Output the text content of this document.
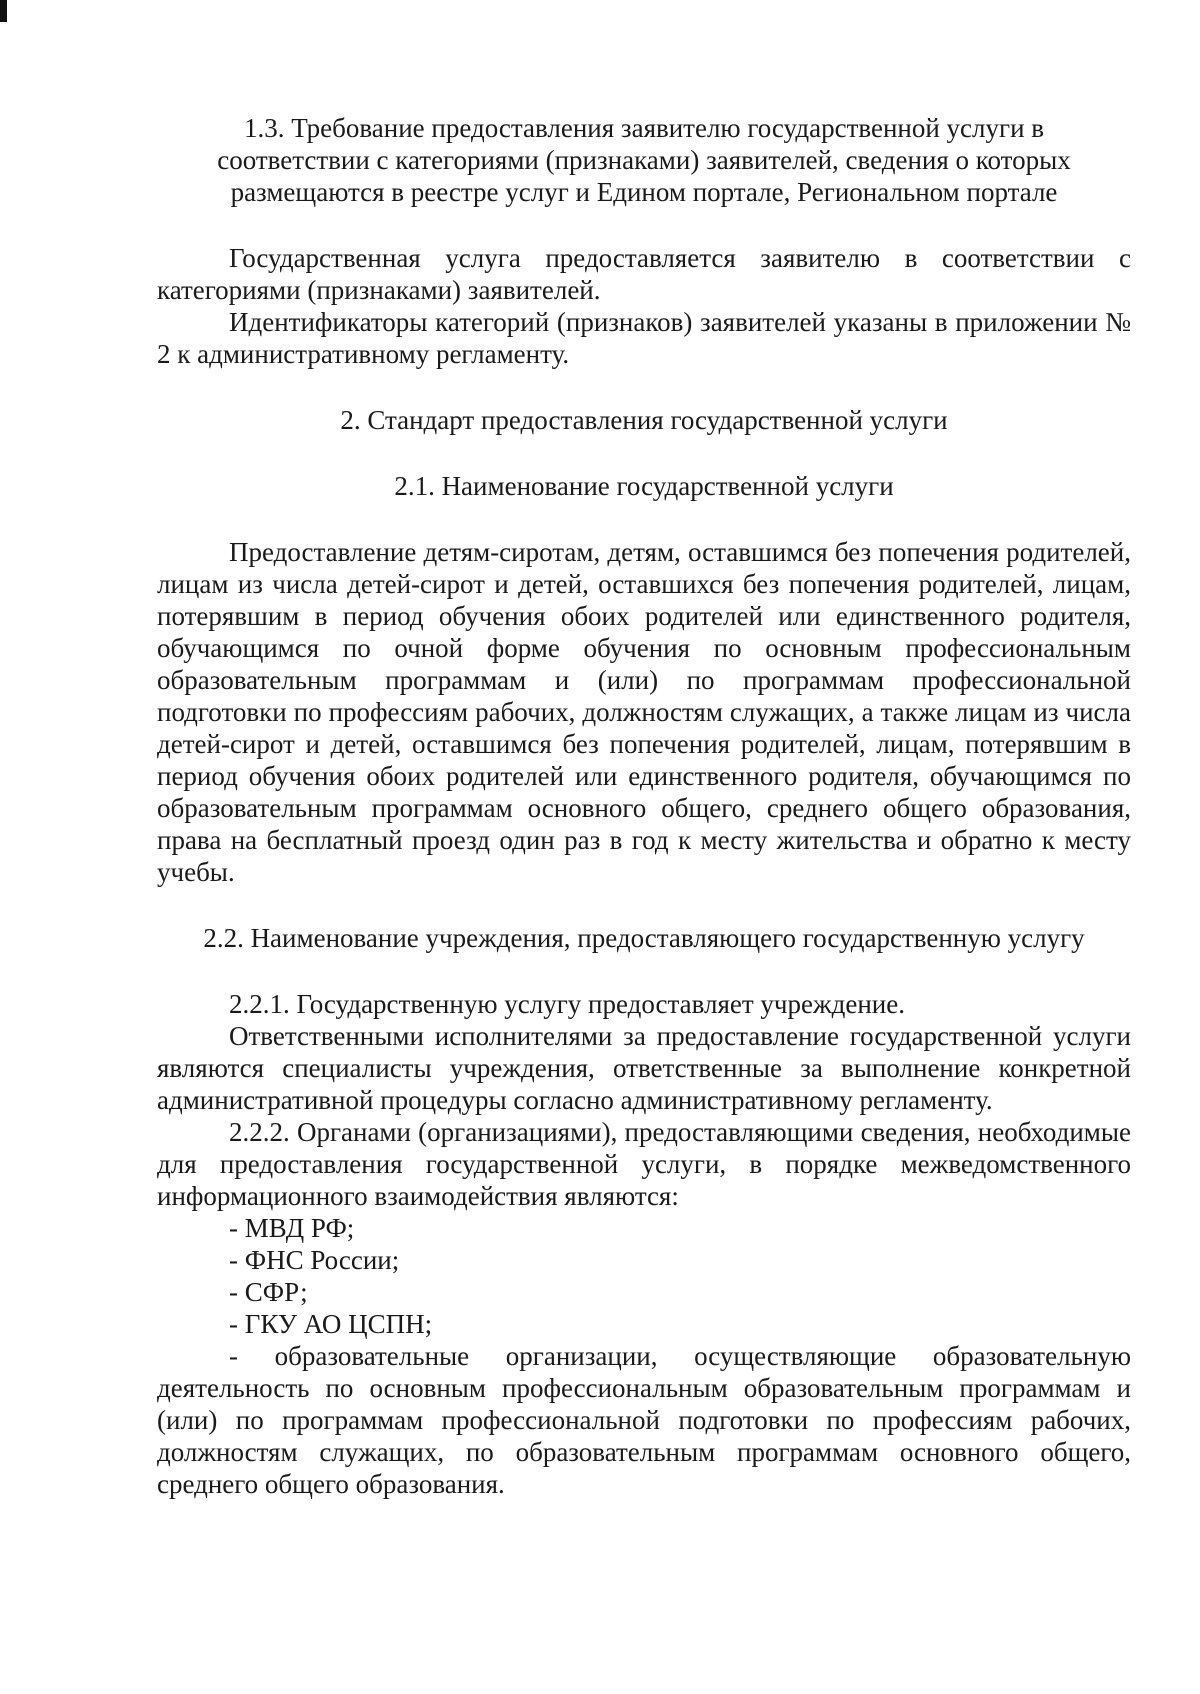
1.3. Требование предоставления заявителю государственной услуги в
соответствии с категориями (признаками) заявителей, сведения о которых
размещаются в реестре услуг и Едином портале, Региональном портале

Государственная услуга предоставляется заявителю в соответствии с категориями (признаками) заявителей.

Идентификаторы категорий (признаков) заявителей указаны в приложении № 2 к административному регламенту.

2. Стандарт предоставления государственной услуги

2.1. Наименование государственной услуги

Предоставление детям-сиротам, детям, оставшимся без попечения родителей, лицам из числа детей-сирот и детей, оставшихся без попечения родителей, лицам, потерявшим в период обучения обоих родителей или единственного родителя, обучающимся по очной форме обучения по основным профессиональным образовательным программам и (или) по программам профессиональной подготовки по профессиям рабочих, должностям служащих, а также лицам из числа детей-сирот и детей, оставшимся без попечения родителей, лицам, потерявшим в период обучения обоих родителей или единственного родителя, обучающимся по образовательным программам основного общего, среднего общего образования, права на бесплатный проезд один раз в год к месту жительства и обратно к месту учебы.

2.2. Наименование учреждения, предоставляющего государственную услугу

2.2.1. Государственную услугу предоставляет учреждение.

Ответственными исполнителями за предоставление государственной услуги являются специалисты учреждения, ответственные за выполнение конкретной административной процедуры согласно административному регламенту.

2.2.2. Органами (организациями), предоставляющими сведения, необходимые для предоставления государственной услуги, в порядке межведомственного информационного взаимодействия являются:

- МВД РФ;

- ФНС России;

- СФР;

- ГКУ АО ЦСПН;

- образовательные организации, осуществляющие образовательную деятельность по основным профессиональным образовательным программам и (или) по программам профессиональной подготовки по профессиям рабочих, должностям служащих, по образовательным программам основного общего, среднего общего образования.
